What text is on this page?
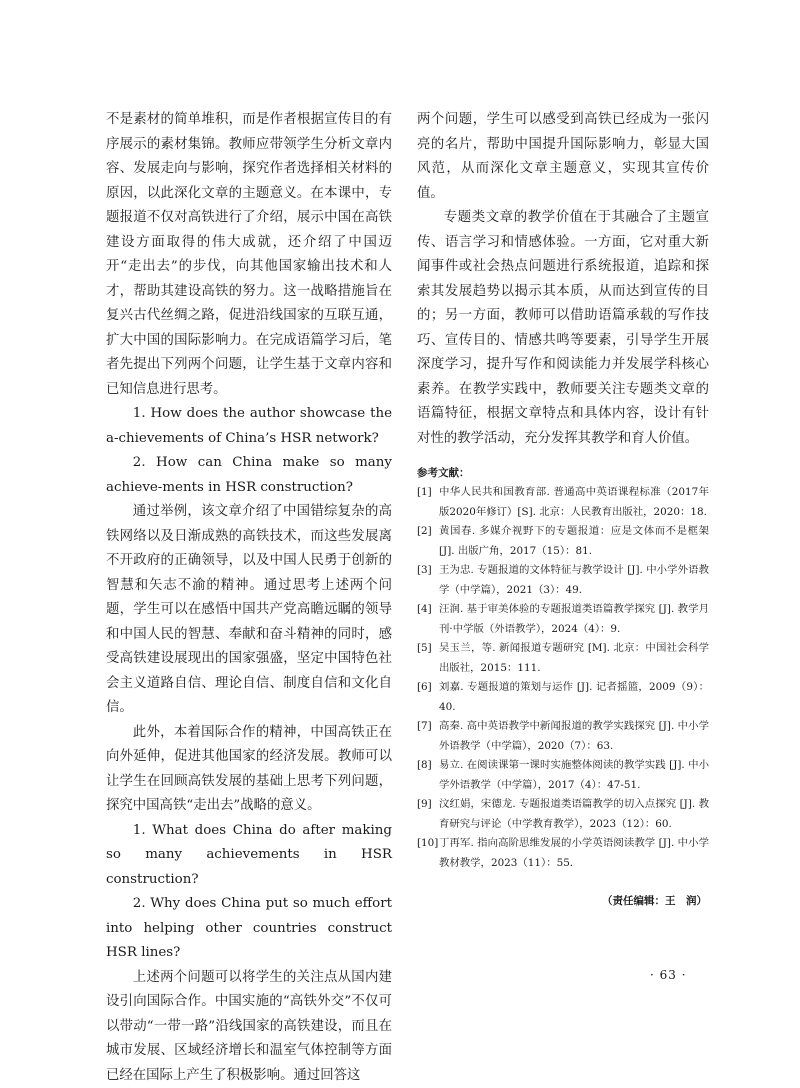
不是素材的简单堆积，而是作者根据宣传目的有序展示的素材集锦。教师应带领学生分析文章内容、发展走向与影响，探究作者选择相关材料的原因，以此深化文章的主题意义。在本课中，专题报道不仅对高铁进行了介绍，展示中国在高铁建设方面取得的伟大成就，还介绍了中国迈开“走出去”的步伐，向其他国家输出技术和人才，帮助其建设高铁的努力。这一战略措施旨在复兴古代丝绸之路，促进沿线国家的互联互通，扩大中国的国际影响力。在完成语篇学习后，笔者先提出下列两个问题，让学生基于文章内容和已知信息进行思考。

1. How does the author showcase the a-chievements of China’s HSR network?

2. How can China make so many achieve-ments in HSR construction?

通过举例，该文章介绍了中国错综复杂的高铁网络以及日渐成熟的高铁技术，而这些发展离不开政府的正确领导，以及中国人民勇于创新的智慧和矢志不渝的精神。通过思考上述两个问题，学生可以在感悟中国共产党高瞻远瞩的领导和中国人民的智慧、奉献和奋斗精神的同时，感受高铁建设展现出的国家强盛，坚定中国特色社会主义道路自信、理论自信、制度自信和文化自信。

此外，本着国际合作的精神，中国高铁正在向外延伸，促进其他国家的经济发展。教师可以让学生在回顾高铁发展的基础上思考下列问题，探究中国高铁“走出去”战略的意义。

1. What does China do after making so many achievements in HSR construction?

2. Why does China put so much effort into helping other countries construct HSR lines?

上述两个问题可以将学生的关注点从国内建设引向国际合作。中国实施的“高铁外交”不仅可以带动“一带一路”沿线国家的高铁建设，而且在城市发展、区域经济增长和温室气体控制等方面已经在国际上产生了积极影响。通过回答这

两个问题，学生可以感受到高铁已经成为一张闪亮的名片，帮助中国提升国际影响力，彰显大国风范，从而深化文章主题意义，实现其宣传价值。

专题类文章的教学价值在于其融合了主题宣传、语言学习和情感体验。一方面，它对重大新闻事件或社会热点问题进行系统报道，追踪和探索其发展趋势以揭示其本质，从而达到宣传的目的；另一方面，教师可以借助语篇承载的写作技巧、宣传目的、情感共鸣等要素，引导学生开展深度学习，提升写作和阅读能力并发展学科核心素养。在教学实践中，教师要关注专题类文章的语篇特征，根据文章特点和具体内容，设计有针对性的教学活动，充分发挥其教学和育人价值。

参考文献：
[1] 中华人民共和国教育部. 普通高中英语课程标准（2017年版2020年修订）[S]. 北京：人民教育出版社，2020：18.
[2] 黄国春. 多媒介视野下的专题报道：应是文体而不是框架 [J]. 出版广角，2017（15）：81.
[3] 王为忠. 专题报道的文体特征与教学设计 [J]. 中小学外语教学（中学篇），2021（3）：49.
[4] 汪润. 基于审美体验的专题报道类语篇教学探究 [J]. 教学月刊·中学版（外语教学），2024（4）：9.
[5] 吴玉兰，等. 新闻报道专题研究 [M]. 北京：中国社会科学出版社，2015：111.
[6] 刘嘉. 专题报道的策划与运作 [J]. 记者摇篮，2009（9）：40.
[7] 高秦. 高中英语教学中新闻报道的教学实践探究 [J]. 中小学外语教学（中学篇），2020（7）：63.
[8] 易立. 在阅读课第一课时实施整体阅读的教学实践 [J]. 中小学外语教学（中学篇），2017（4）：47-51.
[9] 汶红娟，宋德龙. 专题报道类语篇教学的切入点探究 [J]. 教育研究与评论（中学教育教学），2023（12）：60.
[10] 丁再军. 指向高阶思维发展的小学英语阅读教学 [J]. 中小学教材教学，2023（11）：55.
（责任编辑：王　润）
· 63 ·
